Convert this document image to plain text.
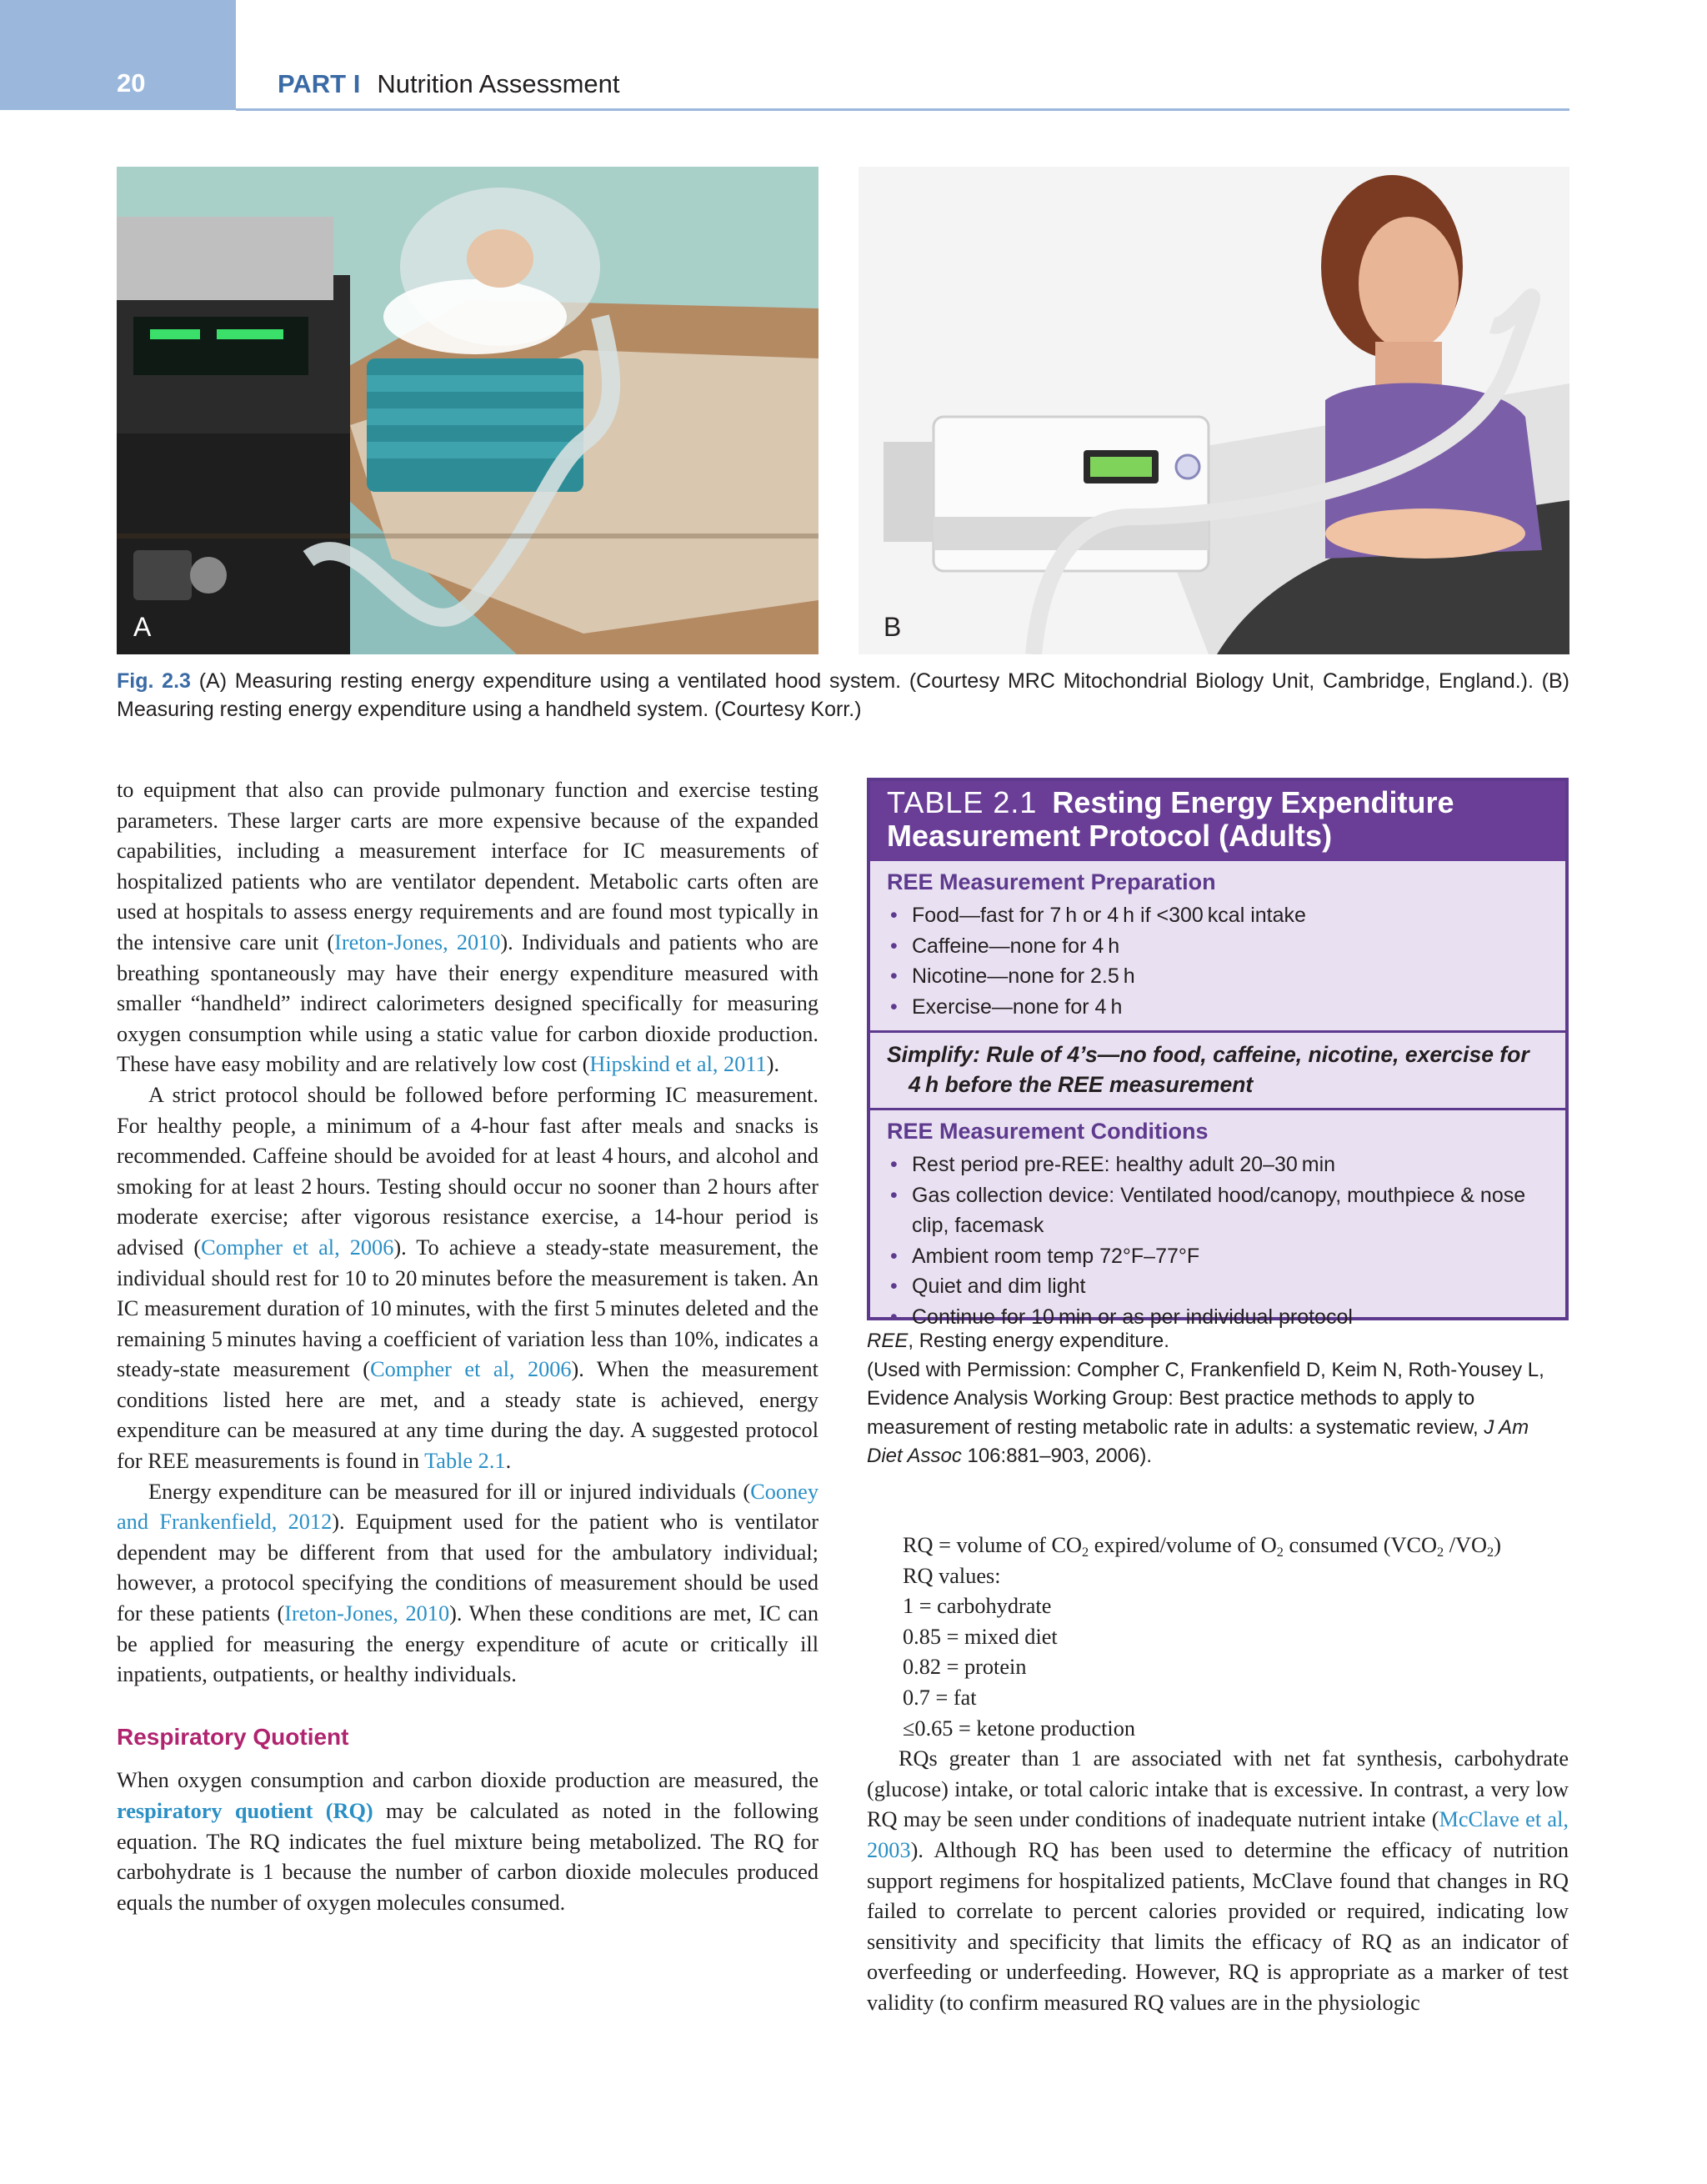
20	PART I Nutrition Assessment
A	B
Fig. 2.3 (A) Measuring resting energy expenditure using a ventilated hood system. (Courtesy MRC Mitochondrial Biology Unit, Cambridge, England.). (B) Measuring resting energy expenditure using a handheld system. (Courtesy Korr.)

to equipment that also can provide pulmonary function and exercise testing parameters. These larger carts are more expensive because of the expanded capabilities, including a measurement interface for IC measurements of hospitalized patients who are ventilator dependent. Metabolic carts often are used at hospitals to assess energy requirements and are found most typically in the intensive care unit (Ireton-Jones, 2010). Individuals and patients who are breathing spontaneously may have their energy expenditure measured with smaller “handheld” indirect calorimeters designed specifically for measuring oxygen consumption while using a static value for carbon dioxide production. These have easy mobility and are relatively low cost (Hipskind et al, 2011).

A strict protocol should be followed before performing IC measurement. For healthy people, a minimum of a 4-hour fast after meals and snacks is recommended. Caffeine should be avoided for at least 4 hours, and alcohol and smoking for at least 2 hours. Testing should occur no sooner than 2 hours after moderate exercise; after vigorous resistance exercise, a 14-hour period is advised (Compher et al, 2006). To achieve a steady-state measurement, the individual should rest for 10 to 20 minutes before the measurement is taken. An IC measurement duration of 10 minutes, with the first 5 minutes deleted and the remaining 5 minutes having a coefficient of variation less than 10%, indicates a steady-state measurement (Compher et al, 2006). When the measurement conditions listed here are met, and a steady state is achieved, energy expenditure can be measured at any time during the day. A suggested protocol for REE measurements is found in Table 2.1.

Energy expenditure can be measured for ill or injured individuals (Cooney and Frankenfield, 2012). Equipment used for the patient who is ventilator dependent may be different from that used for the ambulatory individual; however, a protocol specifying the conditions of measurement should be used for these patients (Ireton-Jones, 2010). When these conditions are met, IC can be applied for measuring the energy expenditure of acute or critically ill inpatients, outpatients, or healthy individuals.

Respiratory Quotient

When oxygen consumption and carbon dioxide production are measured, the respiratory quotient (RQ) may be calculated as noted in the following equation. The RQ indicates the fuel mixture being metabolized. The RQ for carbohydrate is 1 because the number of carbon dioxide molecules produced equals the number of oxygen molecules consumed.

TABLE 2.1 Resting Energy Expenditure Measurement Protocol (Adults)
REE Measurement Preparation
• Food—fast for 7 h or 4 h if <300 kcal intake
• Caffeine—none for 4 h
• Nicotine—none for 2.5 h
• Exercise—none for 4 h
Simplify: Rule of 4’s—no food, caffeine, nicotine, exercise for 4 h before the REE measurement
REE Measurement Conditions
• Rest period pre-REE: healthy adult 20–30 min
• Gas collection device: Ventilated hood/canopy, mouthpiece & nose clip, facemask
• Ambient room temp 72°F–77°F
• Quiet and dim light
• Continue for 10 min or as per individual protocol

REE, Resting energy expenditure.

(Used with Permission: Compher C, Frankenfield D, Keim N, Roth-Yousey L, Evidence Analysis Working Group: Best practice methods to apply to measurement of resting metabolic rate in adults: a systematic review, J Am Diet Assoc 106:881–903, 2006).

RQ = volume of $CO_2$ expired/volume of $O_2$ consumed ($VCO_2$ $/VO_2$)

RQ values:

1 = carbohydrate

0.85 = mixed diet

0.82 = protein

0.7 = fat

≤0.65 = ketone production

RQs greater than 1 are associated with net fat synthesis, carbohydrate (glucose) intake, or total caloric intake that is excessive. In contrast, a very low RQ may be seen under conditions of inadequate nutrient intake (McClave et al, 2003). Although RQ has been used to determine the efficacy of nutrition support regimens for hospitalized patients, McClave found that changes in RQ failed to correlate to percent calories provided or required, indicating low sensitivity and specificity that limits the efficacy of RQ as an indicator of overfeeding or underfeeding. However, RQ is appropriate as a marker of test validity (to confirm measured RQ values are in the physiologic
